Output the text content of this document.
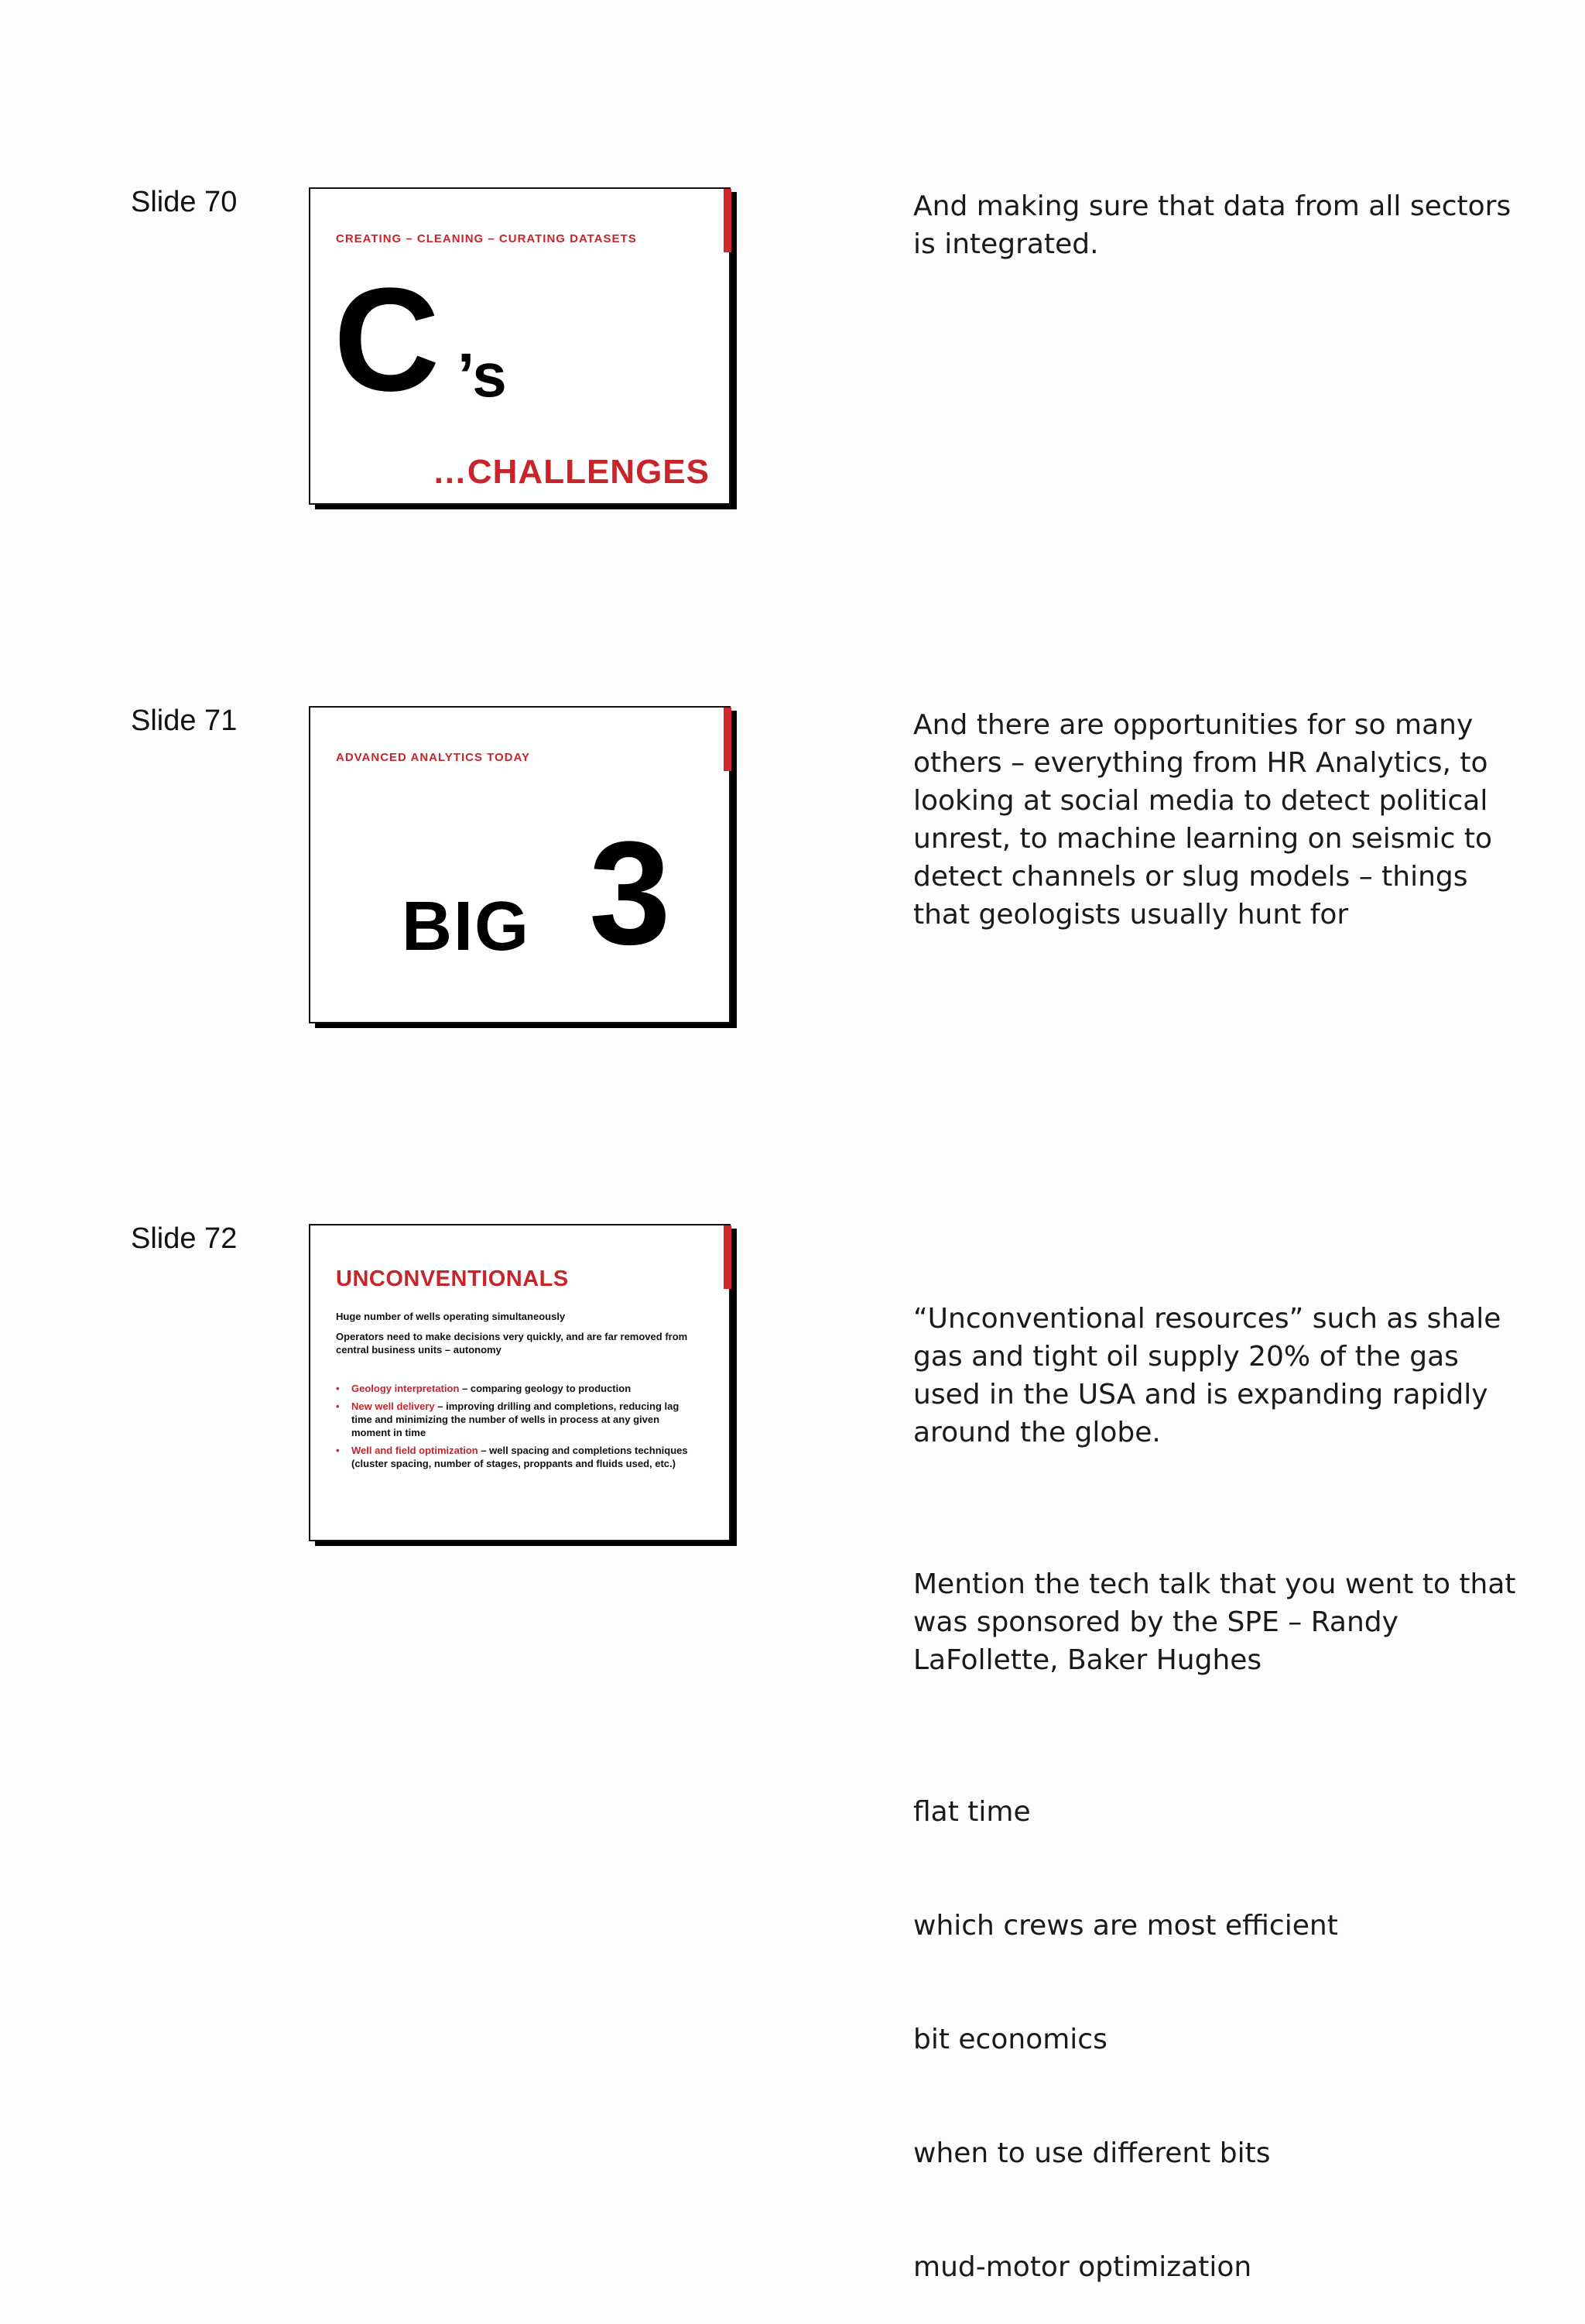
Slide 70
CREATING – CLEANING – CURATING DATASETS
C ’s
…CHALLENGES
And making sure that data from all sectors is integrated.
Slide 71
ADVANCED ANALYTICS TODAY
BIG 3
And there are opportunities for so many others – everything from HR Analytics, to looking at social media to detect political unrest, to machine learning on seismic to detect channels or slug models – things that geologists usually hunt for
Slide 72
UNCONVENTIONALS
Huge number of wells operating simultaneously
Operators need to make decisions very quickly, and are far removed from central business units – autonomy
• Geology interpretation – comparing geology to production
• New well delivery – improving drilling and completions, reducing lag time and minimizing the number of wells in process at any given moment in time
• Well and field optimization – well spacing and completions techniques (cluster spacing, number of stages, proppants and fluids used, etc.)

“Unconventional resources” such as shale gas and tight oil supply 20% of the gas used in the USA and is expanding rapidly around the globe.

Mention the tech talk that you went to that was sponsored by the SPE – Randy LaFollette, Baker Hughes

flat time

which crews are most efficient

bit economics

when to use different bits

mud-motor optimization
